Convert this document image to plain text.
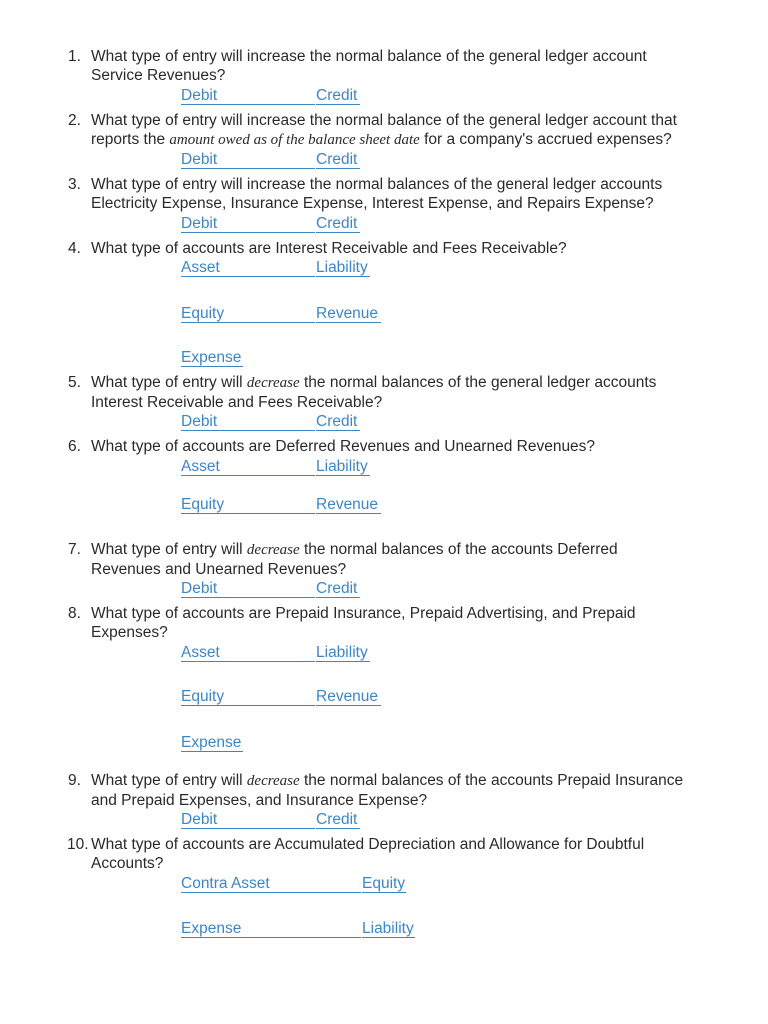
1. What type of entry will increase the normal balance of the general ledger account
Service Revenues?
Debit	Credit
2. What type of entry will increase the normal balance of the general ledger account that
reports the amount owed as of the balance sheet date for a company's accrued expenses?
Debit	Credit
3. What type of entry will increase the normal balances of the general ledger accounts
Electricity Expense, Insurance Expense, Interest Expense, and Repairs Expense?
Debit	Credit
4. What type of accounts are Interest Receivable and Fees Receivable?
Asset	Liability
Equity	Revenue
Expense
5. What type of entry will decrease the normal balances of the general ledger accounts
Interest Receivable and Fees Receivable?
Debit	Credit
6. What type of accounts are Deferred Revenues and Unearned Revenues?
Asset	Liability
Equity	Revenue
7. What type of entry will decrease the normal balances of the accounts Deferred
Revenues and Unearned Revenues?
Debit	Credit
8. What type of accounts are Prepaid Insurance, Prepaid Advertising, and Prepaid
Expenses?
Asset	Liability
Equity	Revenue
Expense
9. What type of entry will decrease the normal balances of the accounts Prepaid Insurance
and Prepaid Expenses, and Insurance Expense?
Debit	Credit
10. What type of accounts are Accumulated Depreciation and Allowance for Doubtful
Accounts?
Contra Asset	Equity
Expense	Liability
